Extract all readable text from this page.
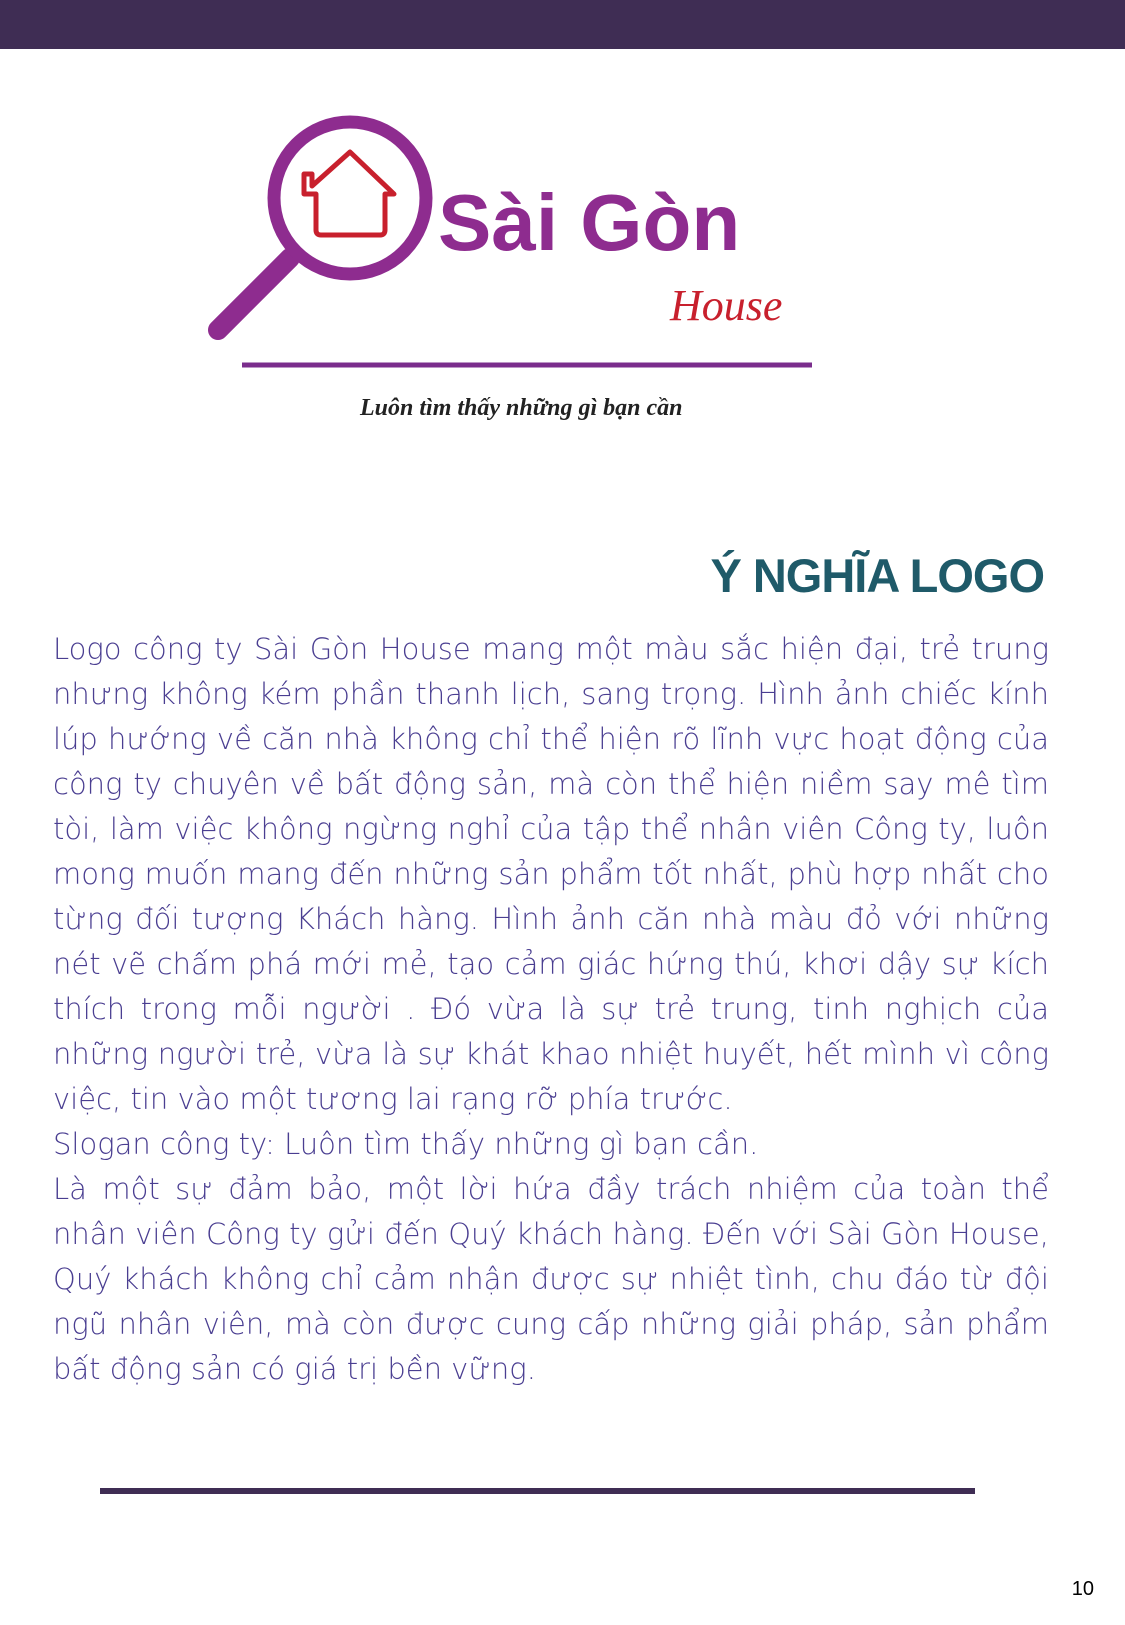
Sài Gòn
House
Luôn tìm thấy những gì bạn cần
Ý NGHĨA LOGO

Logo công ty Sài Gòn House mang một màu sắc hiện đại, trẻ trung nhưng không kém phần thanh lịch, sang trọng. Hình ảnh chiếc kính lúp hướng về căn nhà không chỉ thể hiện rõ lĩnh vực hoạt động của công ty chuyên về bất động sản, mà còn thể hiện niềm say mê tìm tòi, làm việc không ngừng nghỉ của tập thể nhân viên Công ty, luôn mong muốn mang đến những sản phẩm tốt nhất, phù hợp nhất cho từng đối tượng Khách hàng. Hình ảnh căn nhà màu đỏ với những nét vẽ chấm phá mới mẻ, tạo cảm giác hứng thú, khơi dậy sự kích thích trong mỗi người . Đó vừa là sự trẻ trung, tinh nghịch của những người trẻ, vừa là sự khát khao nhiệt huyết, hết mình vì công việc, tin vào một tương lai rạng rỡ phía trước.

Slogan công ty: Luôn tìm thấy những gì bạn cần.

Là một sự đảm bảo, một lời hứa đầy trách nhiệm của toàn thể nhân viên Công ty gửi đến Quý khách hàng. Đến với Sài Gòn House, Quý khách không chỉ cảm nhận được sự nhiệt tình, chu đáo từ đội ngũ nhân viên, mà còn được cung cấp những giải pháp, sản phẩm bất động sản có giá trị bền vững.

10
